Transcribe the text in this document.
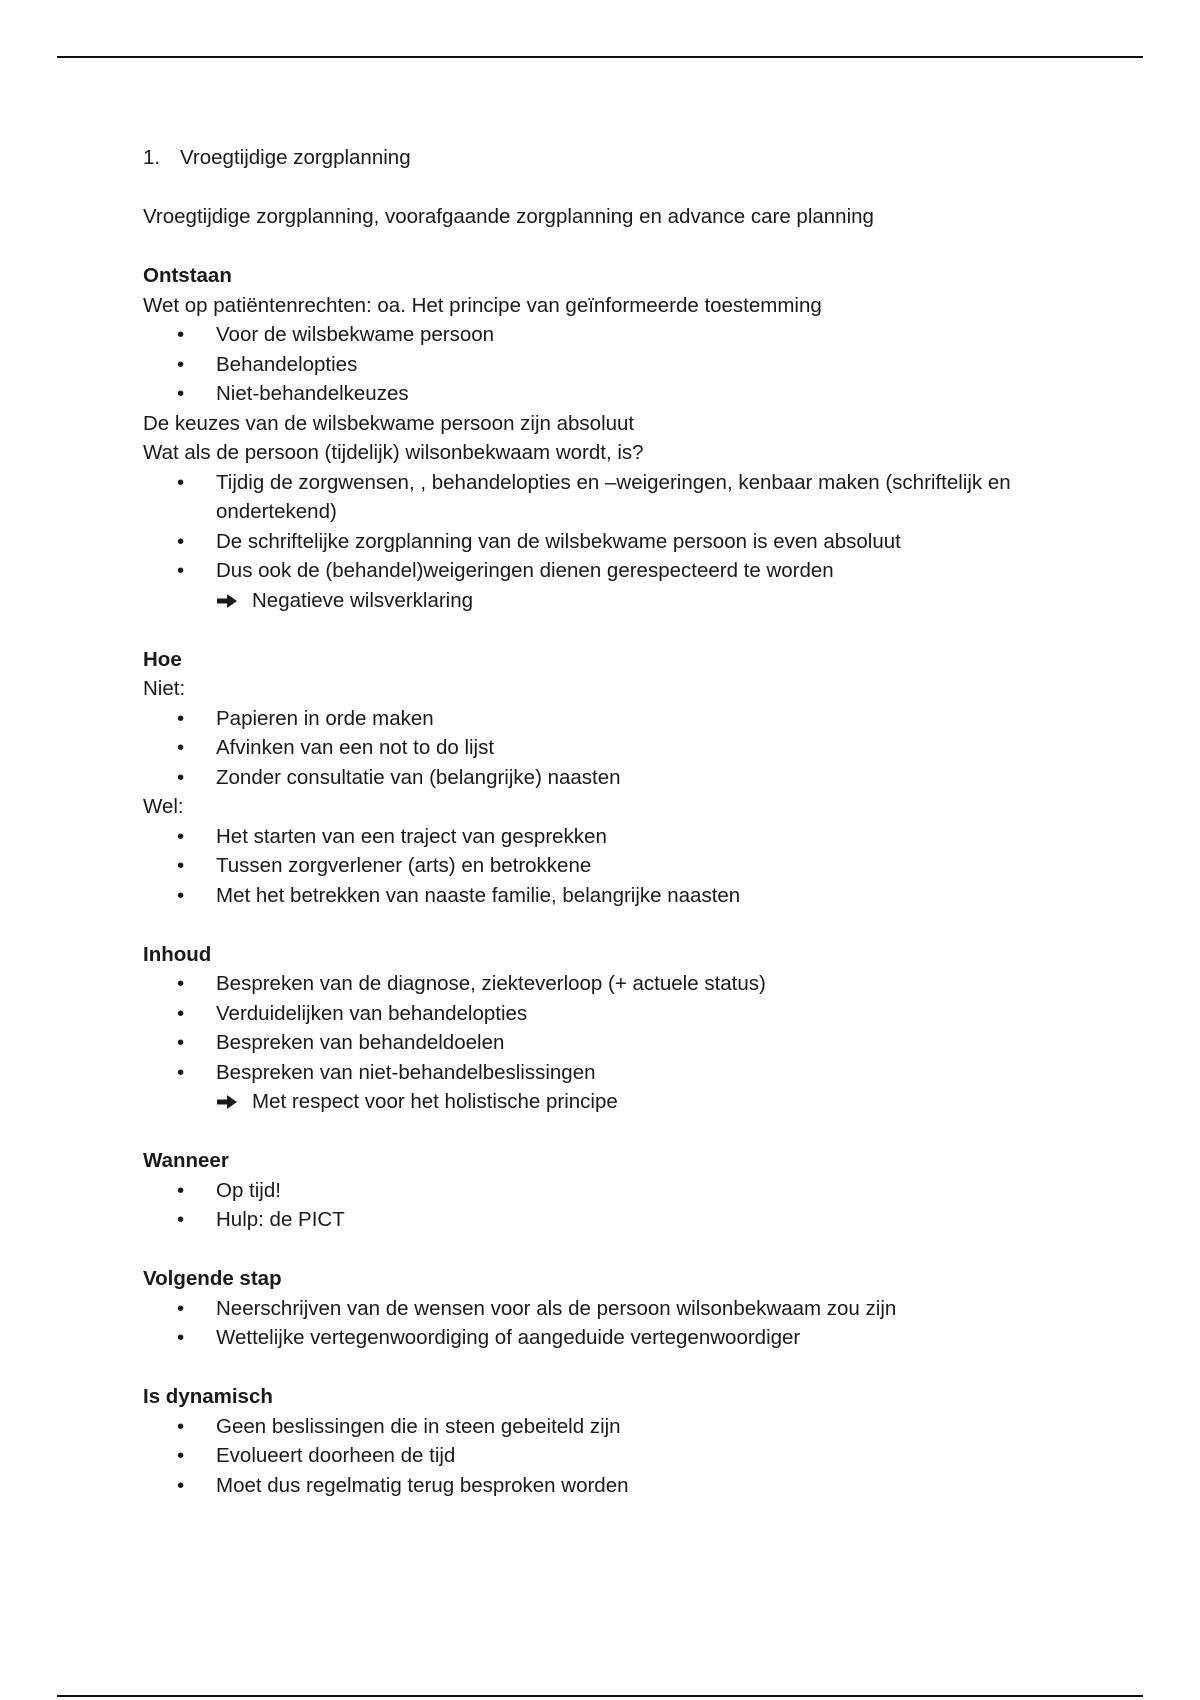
1. Vroegtijdige zorgplanning

Vroegtijdige zorgplanning, voorafgaande zorgplanning en advance care planning

Ontstaan

Wet op patiëntenrechten: oa. Het principe van geïnformeerde toestemming

• Voor de wilsbekwame persoon
• Behandelopties
• Niet-behandelkeuzes

De keuzes van de wilsbekwame persoon zijn absoluut

Wat als de persoon (tijdelijk) wilsonbekwaam wordt, is?

• Tijdig de zorgwensen, , behandelopties en –weigeringen, kenbaar maken (schriftelijk en ondertekend)
• De schriftelijke zorgplanning van de wilsbekwame persoon is even absoluut
• Dus ook de (behandel)weigeringen dienen gerespecteerd te worden
Negatieve wilsverklaring

Hoe

Niet:

• Papieren in orde maken
• Afvinken van een not to do lijst
• Zonder consultatie van (belangrijke) naasten

Wel:

• Het starten van een traject van gesprekken
• Tussen zorgverlener (arts) en betrokkene
• Met het betrekken van naaste familie, belangrijke naasten

Inhoud

• Bespreken van de diagnose, ziekteverloop (+ actuele status)
• Verduidelijken van behandelopties
• Bespreken van behandeldoelen
• Bespreken van niet-behandelbeslissingen
Met respect voor het holistische principe

Wanneer

• Op tijd!
• Hulp: de PICT

Volgende stap

• Neerschrijven van de wensen voor als de persoon wilsonbekwaam zou zijn
• Wettelijke vertegenwoordiging of aangeduide vertegenwoordiger

Is dynamisch

• Geen beslissingen die in steen gebeiteld zijn
• Evolueert doorheen de tijd
• Moet dus regelmatig terug besproken worden
